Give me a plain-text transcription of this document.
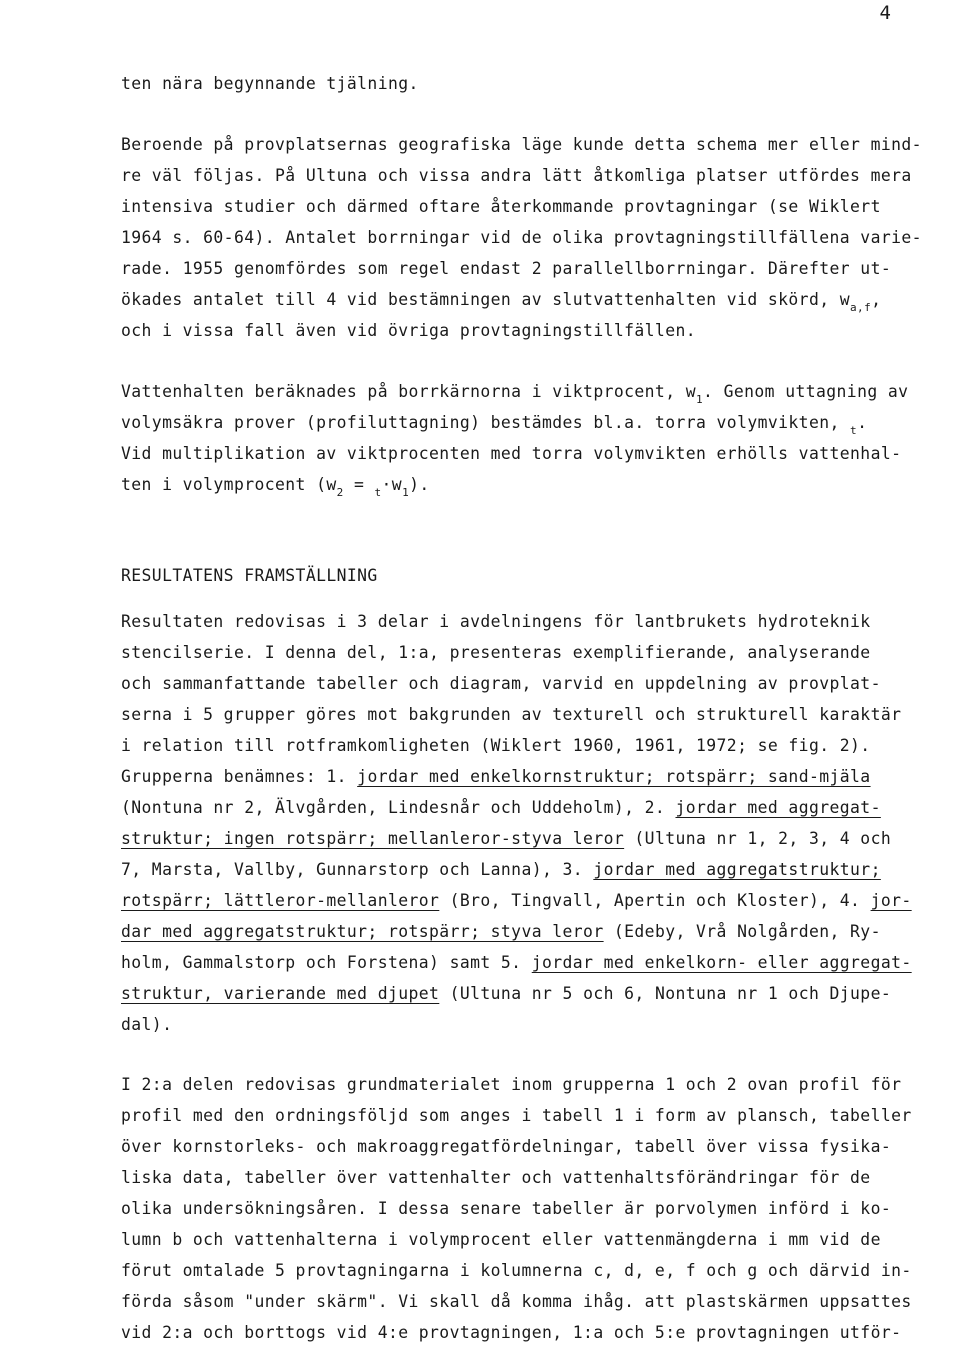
4
ten nära begynnande tjälning.
Beroende på provplatsernas geografiska läge kunde detta schema mer eller mind-
re väl följas. På Ultuna och vissa andra lätt åtkomliga platser utfördes mera
intensiva studier och därmed oftare återkommande provtagningar (se Wiklert
1964 s. 60-64). Antalet borrningar vid de olika provtagningstillfällena varie-
rade. 1955 genomfördes som regel endast 2 parallellborrningar. Därefter ut-
ökades antalet till 4 vid bestämningen av slutvattenhalten vid skörd, $w_{a,f}$,
och i vissa fall även vid övriga provtagningstillfällen.
Vattenhalten beräknades på borrkärnorna i viktprocent, $w_1$. Genom uttagning av
volymsäkra prover (profiluttagning) bestämdes bl.a. torra volymvikten, $_t$.
Vid multiplikation av viktprocenten med torra volymvikten erhölls vattenhal-
ten i volymprocent $(w_2 = _t\cdot w_1)$.
RESULTATENS FRAMSTÄLLNING
Resultaten redovisas i 3 delar i avdelningens för lantbrukets hydroteknik
stencilserie. I denna del, 1:a, presenteras exemplifierande, analyserande
och sammanfattande tabeller och diagram, varvid en uppdelning av provplat-
serna i 5 grupper göres mot bakgrunden av texturell och strukturell karaktär
i relation till rotframkomligheten (Wiklert 1960, 1961, 1972; se fig. 2).
Grupperna benämnes: 1. jordar med enkelkornstruktur; rotspärr; sand-mjäla
(Nontuna nr 2, Älvgården, Lindesnår och Uddeholm), 2. jordar med aggregat-
struktur; ingen rotspärr; mellanleror-styva leror (Ultuna nr 1, 2, 3, 4 och
7, Marsta, Vallby, Gunnarstorp och Lanna), 3. jordar med aggregatstruktur;
rotspärr; lättleror-mellanleror (Bro, Tingvall, Apertin och Kloster), 4. jor-
dar med aggregatstruktur; rotspärr; styva leror (Edeby, Vrå Nolgården, Ry-
holm, Gammalstorp och Forstena) samt 5. jordar med enkelkorn- eller aggregat-
struktur, varierande med djupet (Ultuna nr 5 och 6, Nontuna nr 1 och Djupe-
dal).
I 2:a delen redovisas grundmaterialet inom grupperna 1 och 2 ovan profil för
profil med den ordningsföljd som anges i tabell 1 i form av plansch, tabeller
över kornstorleks- och makroaggregatfördelningar, tabell över vissa fysika-
liska data, tabeller över vattenhalter och vattenhaltsförändringar för de
olika undersökningsåren. I dessa senare tabeller är porvolymen införd i ko-
lumn b och vattenhalterna i volymprocent eller vattenmängderna i mm vid de
förut omtalade 5 provtagningarna i kolumnerna c, d, e, f och g och därvid in-
förda såsom "under skärm". Vi skall då komma ihåg. att plastskärmen uppsattes
vid 2:a och borttogs vid 4:e provtagningen, 1:a och 5:e provtagningen utför-
